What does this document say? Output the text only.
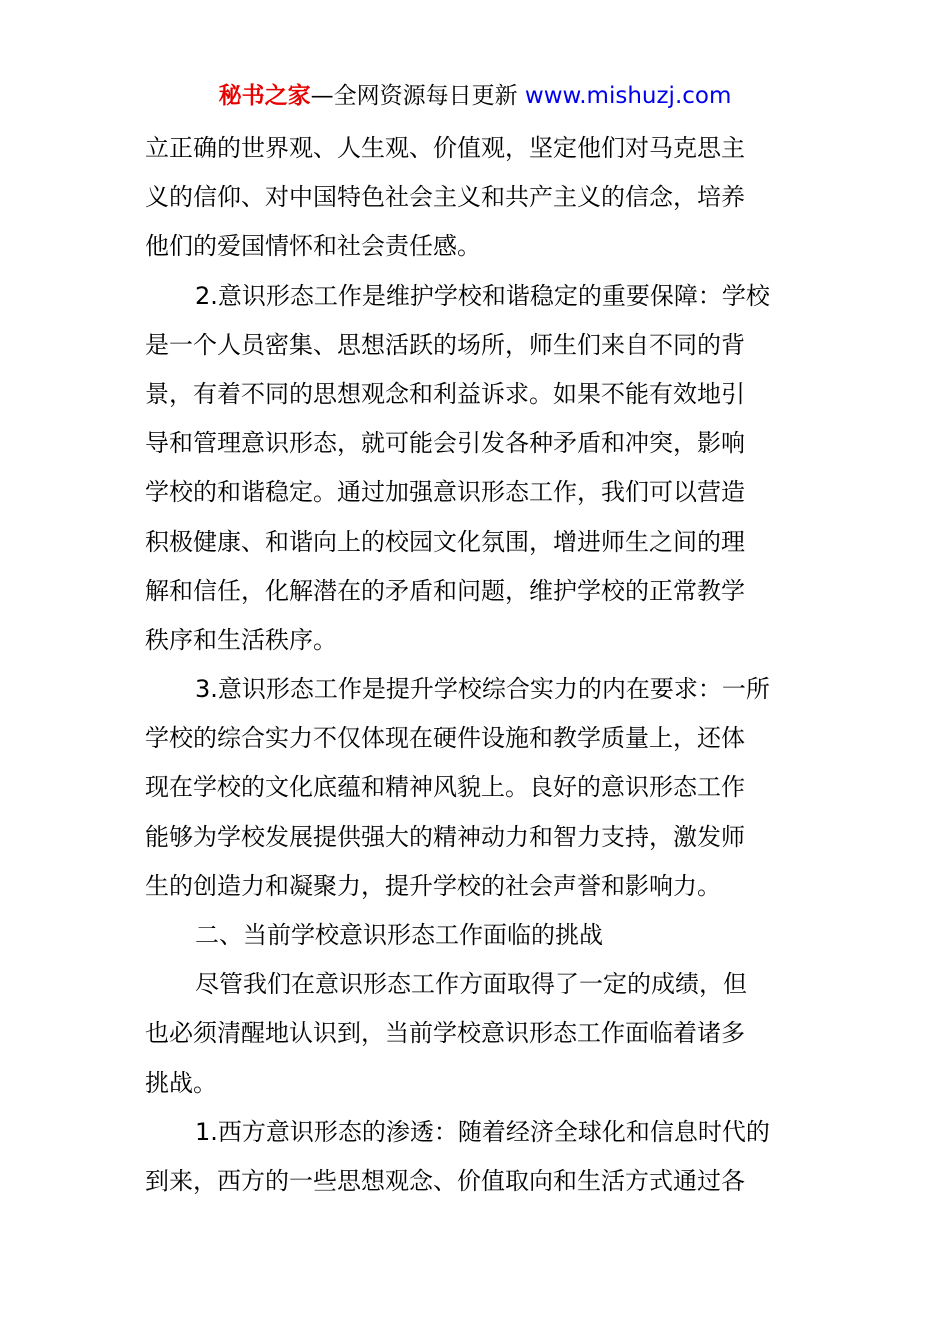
秘书之家—全网资源每日更新 www.mishuzj.com
立正确的世界观、人生观、价值观，坚定他们对马克思主
义的信仰、对中国特色社会主义和共产主义的信念，培养
他们的爱国情怀和社会责任感。
2.意识形态工作是维护学校和谐稳定的重要保障：学校
是一个人员密集、思想活跃的场所，师生们来自不同的背
景，有着不同的思想观念和利益诉求。如果不能有效地引
导和管理意识形态，就可能会引发各种矛盾和冲突，影响
学校的和谐稳定。通过加强意识形态工作，我们可以营造
积极健康、和谐向上的校园文化氛围，增进师生之间的理
解和信任，化解潜在的矛盾和问题，维护学校的正常教学
秩序和生活秩序。
3.意识形态工作是提升学校综合实力的内在要求：一所
学校的综合实力不仅体现在硬件设施和教学质量上，还体
现在学校的文化底蕴和精神风貌上。良好的意识形态工作
能够为学校发展提供强大的精神动力和智力支持，激发师
生的创造力和凝聚力，提升学校的社会声誉和影响力。
二、当前学校意识形态工作面临的挑战
尽管我们在意识形态工作方面取得了一定的成绩，但
也必须清醒地认识到，当前学校意识形态工作面临着诸多
挑战。
1.西方意识形态的渗透：随着经济全球化和信息时代的
到来，西方的一些思想观念、价值取向和生活方式通过各
